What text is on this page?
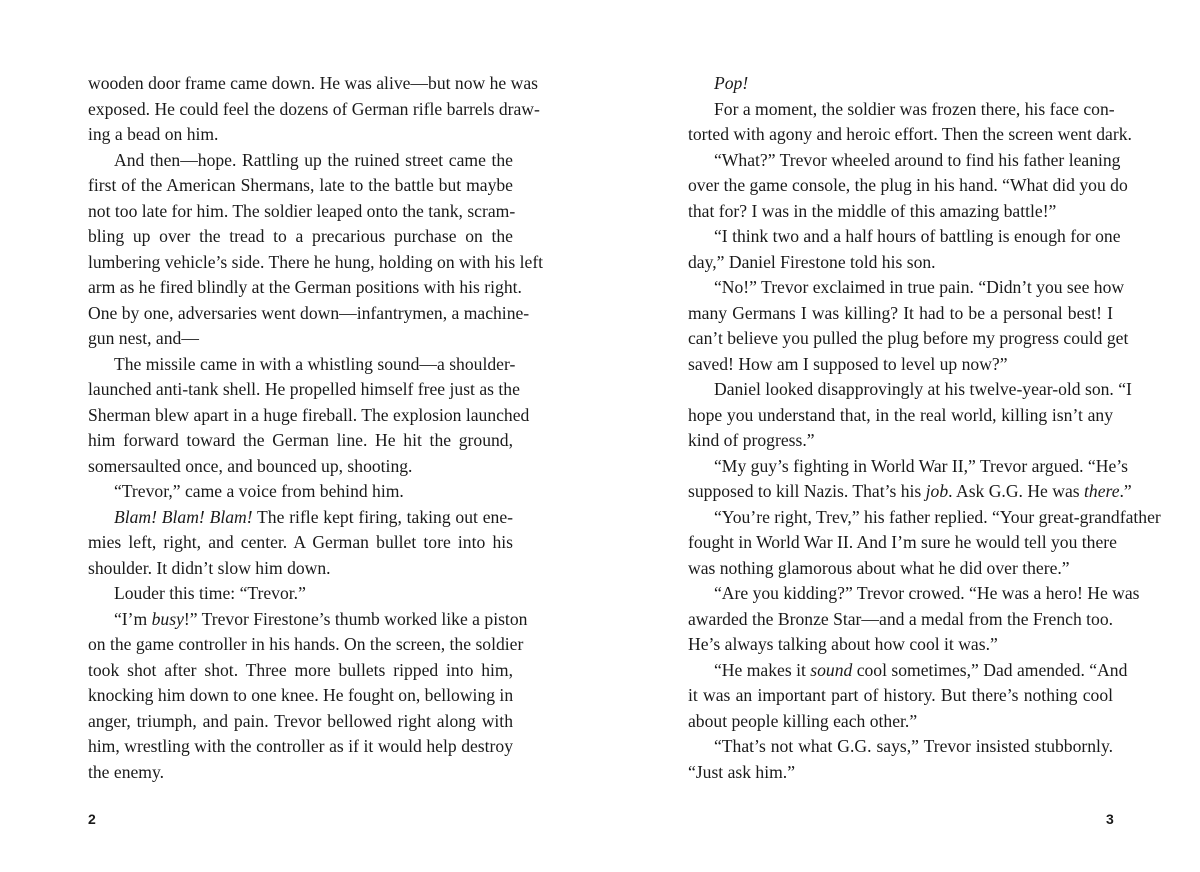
wooden door frame came down. He was alive—but now he was
exposed. He could feel the dozens of German rifle barrels draw-
ing a bead on him.
And then—hope. Rattling up the ruined street came the
first of the American Shermans, late to the battle but maybe
not too late for him. The soldier leaped onto the tank, scram-
bling up over the tread to a precarious purchase on the
lumbering vehicle’s side. There he hung, holding on with his left
arm as he fired blindly at the German positions with his right.
One by one, adversaries went down—infantrymen, a machine-
gun nest, and—
The missile came in with a whistling sound—a shoulder-
launched anti-tank shell. He propelled himself free just as the
Sherman blew apart in a huge fireball. The explosion launched
him forward toward the German line. He hit the ground,
somersaulted once, and bounced up, shooting.
“Trevor,” came a voice from behind him.
Blam! Blam! Blam! The rifle kept firing, taking out ene-
mies left, right, and center. A German bullet tore into his
shoulder. It didn’t slow him down.
Louder this time: “Trevor.”
“I’m busy!” Trevor Firestone’s thumb worked like a piston
on the game controller in his hands. On the screen, the soldier
took shot after shot. Three more bullets ripped into him,
knocking him down to one knee. He fought on, bellowing in
anger, triumph, and pain. Trevor bellowed right along with
him, wrestling with the controller as if it would help destroy
the enemy.
2
Pop!
For a moment, the soldier was frozen there, his face con-
torted with agony and heroic effort. Then the screen went dark.
“What?” Trevor wheeled around to find his father leaning
over the game console, the plug in his hand. “What did you do
that for? I was in the middle of this amazing battle!”
“I think two and a half hours of battling is enough for one
day,” Daniel Firestone told his son.
“No!” Trevor exclaimed in true pain. “Didn’t you see how
many Germans I was killing? It had to be a personal best! I
can’t believe you pulled the plug before my progress could get
saved! How am I supposed to level up now?”
Daniel looked disapprovingly at his twelve-year-old son. “I
hope you understand that, in the real world, killing isn’t any
kind of progress.”
“My guy’s fighting in World War II,” Trevor argued. “He’s
supposed to kill Nazis. That’s his job. Ask G.G. He was there.”
“You’re right, Trev,” his father replied. “Your great-grandfather
fought in World War II. And I’m sure he would tell you there
was nothing glamorous about what he did over there.”
“Are you kidding?” Trevor crowed. “He was a hero! He was
awarded the Bronze Star—and a medal from the French too.
He’s always talking about how cool it was.”
“He makes it sound cool sometimes,” Dad amended. “And
it was an important part of history. But there’s nothing cool
about people killing each other.”
“That’s not what G.G. says,” Trevor insisted stubbornly.
“Just ask him.”
3
